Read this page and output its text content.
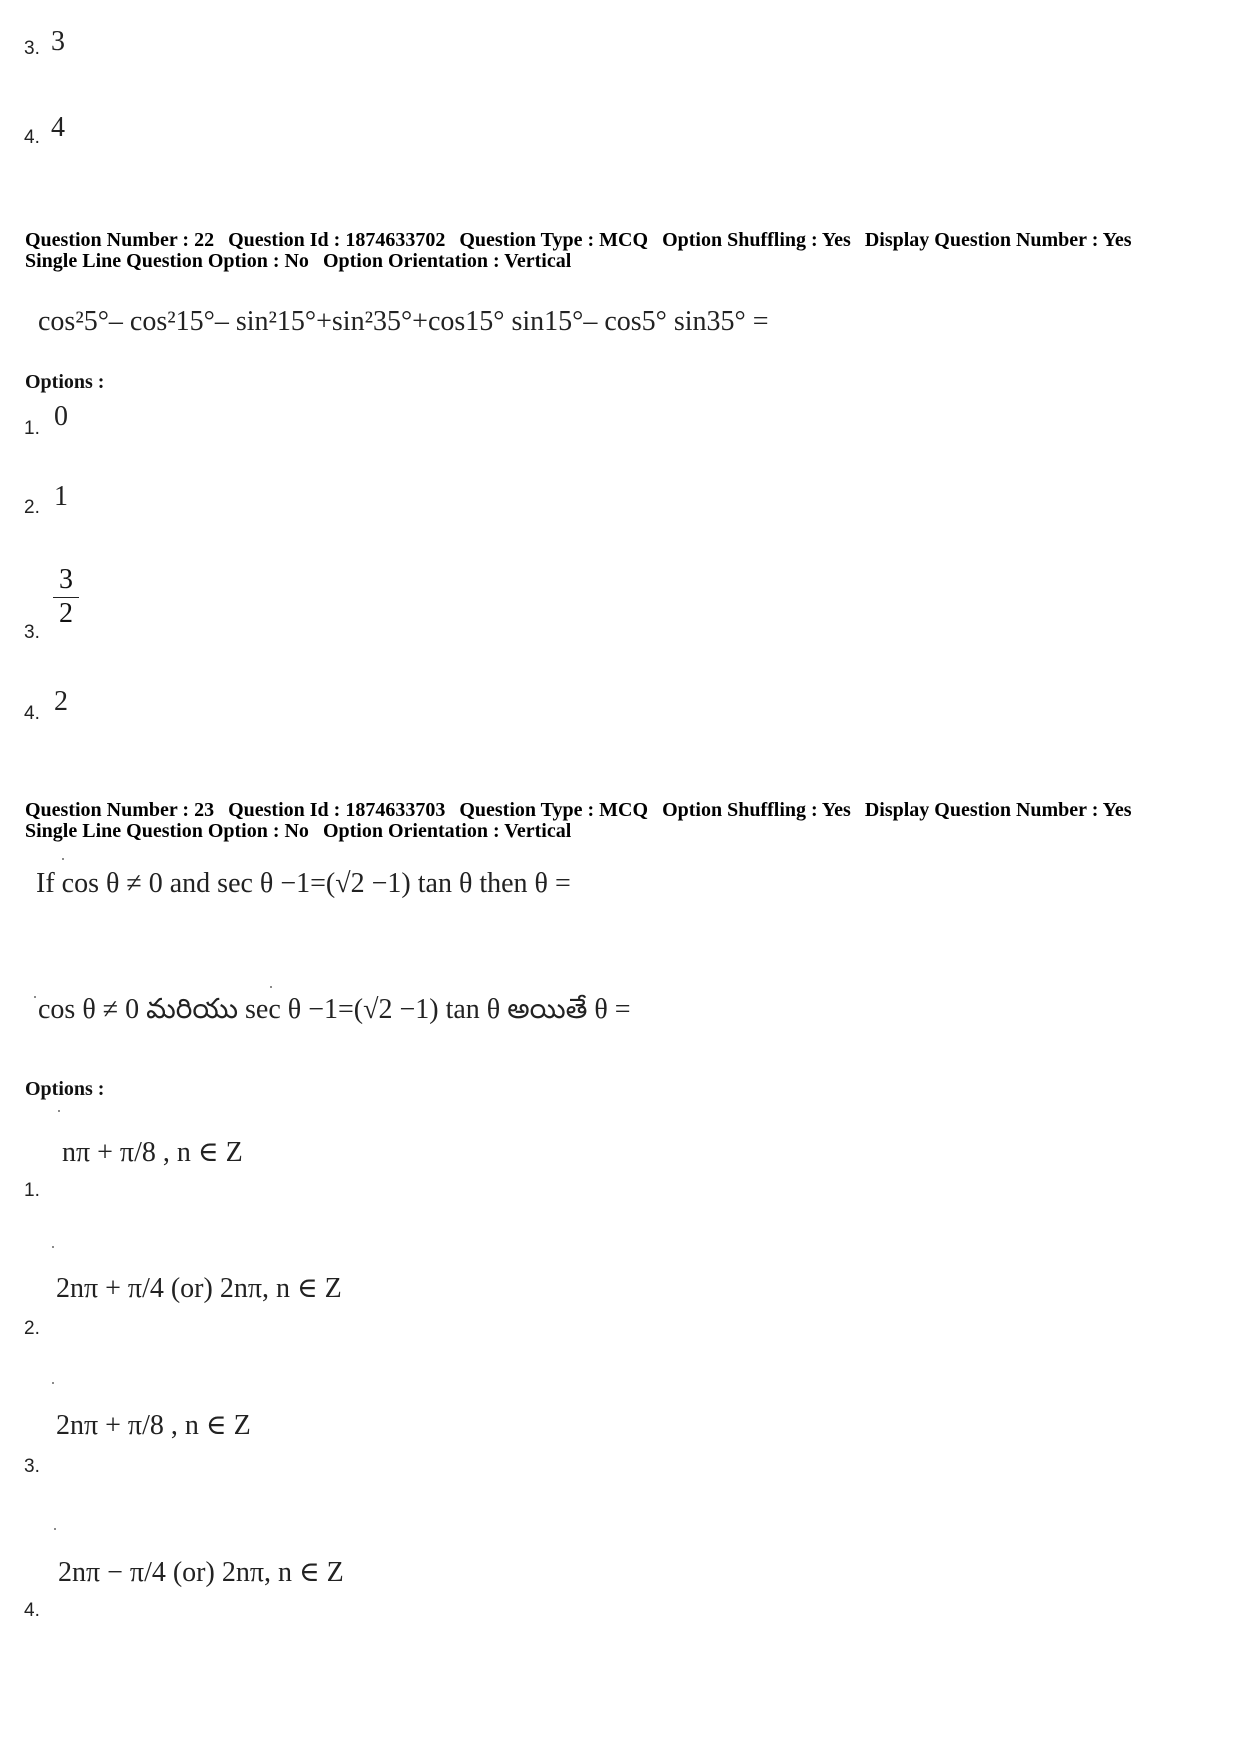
3. 3
4. 4
Question Number : 22 Question Id : 1874633702 Question Type : MCQ Option Shuffling : Yes Display Question Number : Yes
Single Line Question Option : No Option Orientation : Vertical
cos²5°– cos²15°– sin²15°+sin²35°+cos15° sin15°– cos5° sin35° =
Options :
1. 0
2. 1
3.
$\frac{3}{2}$
4. 2
Question Number : 23 Question Id : 1874633703 Question Type : MCQ Option Shuffling : Yes Display Question Number : Yes
Single Line Question Option : No Option Orientation : Vertical
If cos θ ≠ 0 and sec θ −1=(√2 −1) tan θ then θ =
cos θ ≠ 0 మరియు sec θ −1=(√2 −1) tan θ అయితే θ =
Options :
1.
nπ + π/8 , n ∈ Z
2.
2nπ + π/4 (or) 2nπ, n ∈ Z
3.
2nπ + π/8 , n ∈ Z
4.
2nπ − π/4 (or) 2nπ, n ∈ Z
